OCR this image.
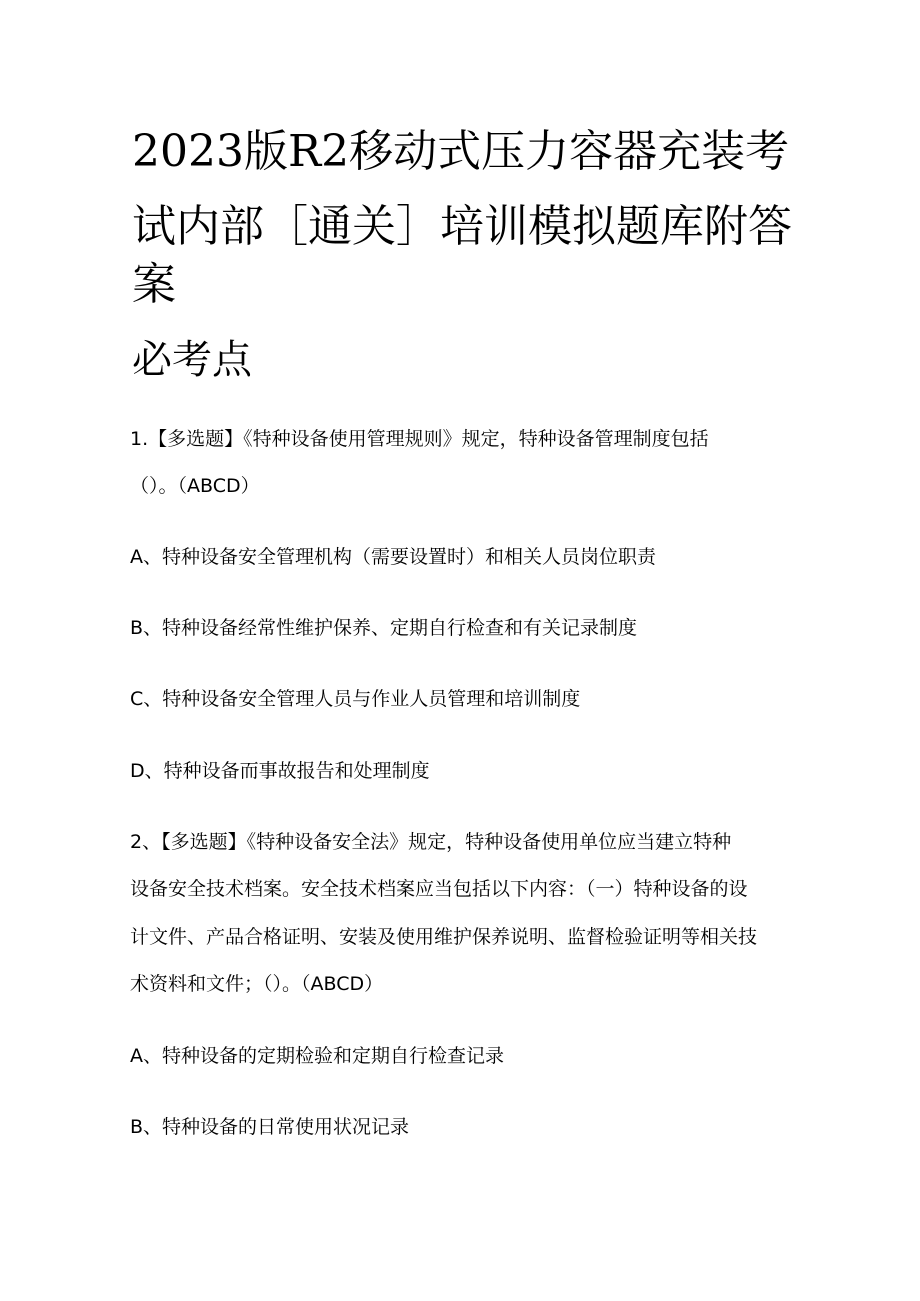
2023版R2移动式压力容器充装考
试内部［通关］培训模拟题库附答
案
必考点
1.【多选题】《特种设备使用管理规则》规定，特种设备管理制度包括
（）。（ABCD）
A、特种设备安全管理机构（需要设置时）和相关人员岗位职责
B、特种设备经常性维护保养、定期自行检查和有关记录制度
C、特种设备安全管理人员与作业人员管理和培训制度
D、特种设备而事故报告和处理制度
2、【多选题】《特种设备安全法》规定，特种设备使用单位应当建立特种
设备安全技术档案。安全技术档案应当包括以下内容：（一）特种设备的设
计文件、产品合格证明、安装及使用维护保养说明、监督检验证明等相关技
术资料和文件；（）。（ABCD）
A、特种设备的定期检验和定期自行检查记录
B、特种设备的日常使用状况记录
